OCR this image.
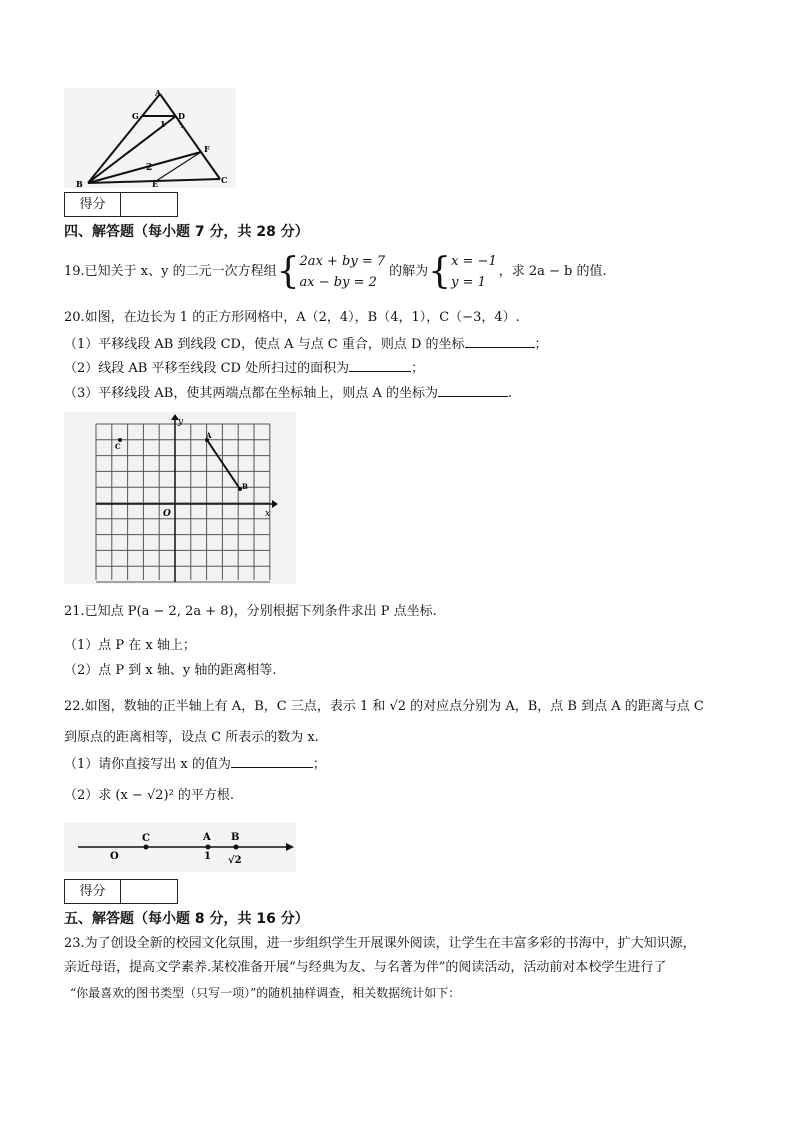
A
D
G
1
F
2
B	E	C
得分
四、解答题（每小题 7 分，共 28 分）
19.已知关于 x、y 的二元一次方程组 { 2ax + by = 7
ax − by = 2
的解为 { x = −1
y = 1
，求 2a − b 的值.
20.如图，在边长为 1 的正方形网格中，A（2，4），B（4，1），C（−3，4）.
（1）平移线段 AB 到线段 CD，使点 A 与点 C 重合，则点 D 的坐标	；
（2）线段 AB 平移至线段 CD 处所扫过的面积为	；
（3）平移线段 AB，使其两端点都在坐标轴上，则点 A 的坐标为	.
y
x
O
A
B
C
21.已知点 P(a − 2, 2a + 8)，分别根据下列条件求出 P 点坐标.
（1）点 P 在 x 轴上；
（2）点 P 到 x 轴、y 轴的距离相等.
22.如图，数轴的正半轴上有 A，B，C 三点，表示 1 和 √2 的对应点分别为 A，B，点 B 到点 A 的距离与点 C
到原点的距离相等，设点 C 所表示的数为 x.
（1）请你直接写出 x 的值为	；
（2）求 (x − √2)² 的平方根.
O
C	A B
1 √2
得分
五、解答题（每小题 8 分，共 16 分）
23.为了创设全新的校园文化氛围，进一步组织学生开展课外阅读，让学生在丰富多彩的书海中，扩大知识源，
亲近母语，提高文学素养.某校准备开展“与经典为友、与名著为伴”的阅读活动，活动前对本校学生进行了
“你最喜欢的图书类型（只写一项）”的随机抽样调查，相关数据统计如下：
